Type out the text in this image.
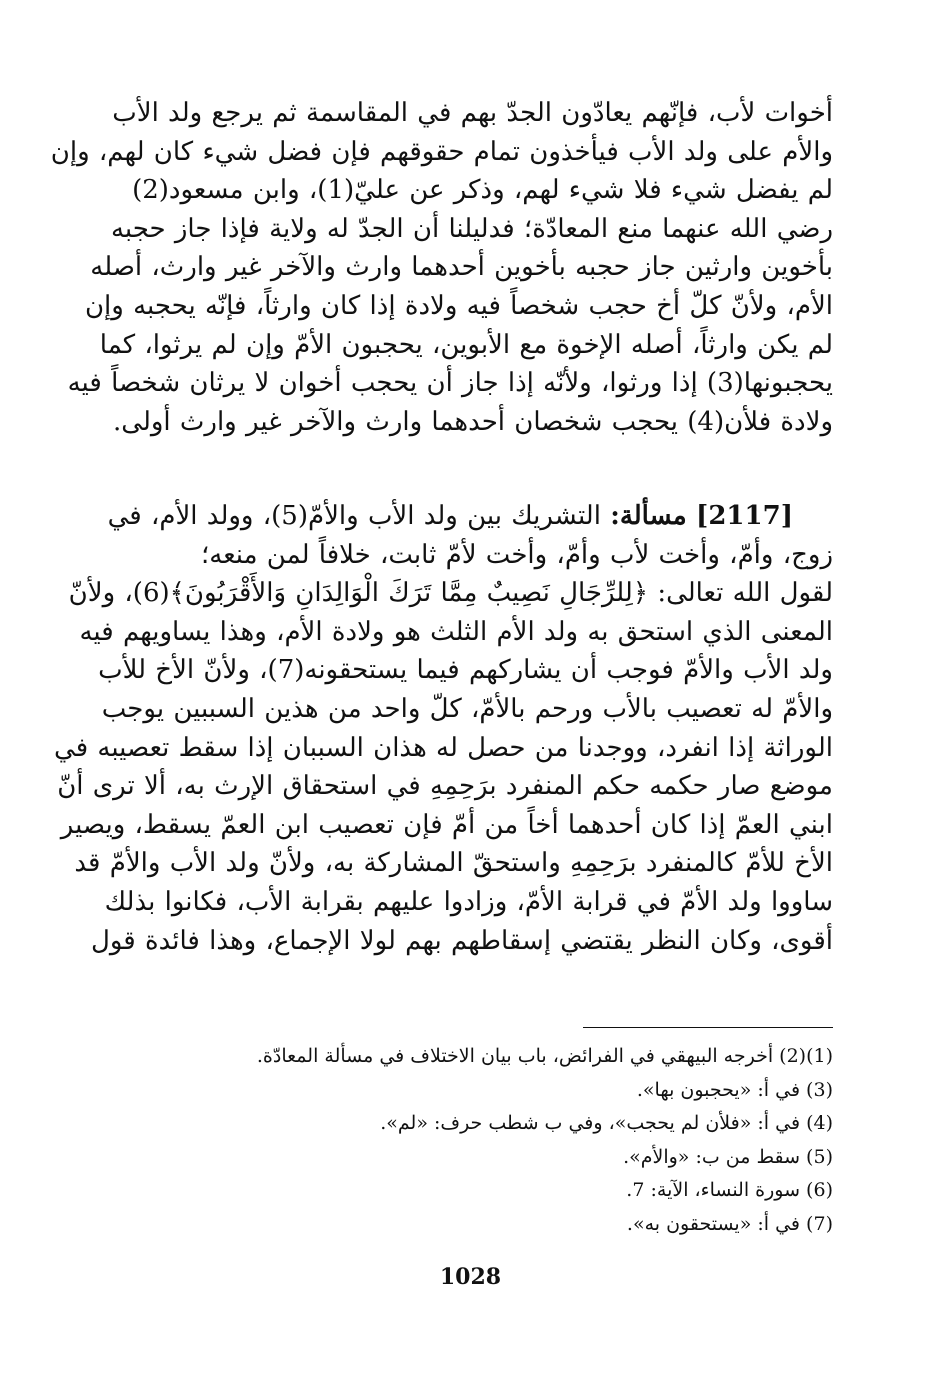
أخوات لأب، فإنّهم يعادّون الجدّ بهم في المقاسمة ثم يرجع ولد الأب
والأم على ولد الأب فيأخذون تمام حقوقهم فإن فضل شيء كان لهم، وإن
لم يفضل شيء فلا شيء لهم، وذكر عن عليّ(1)، وابن مسعود(2)
رضي الله عنهما منع المعادّة؛ فدليلنا أن الجدّ له ولاية فإذا جاز حجبه
بأخوين وارثين جاز حجبه بأخوين أحدهما وارث والآخر غير وارث، أصله
الأم، ولأنّ كلّ أخ حجب شخصاً فيه ولادة إذا كان وارثاً، فإنّه يحجبه وإن
لم يكن وارثاً، أصله الإخوة مع الأبوين، يحجبون الأمّ وإن لم يرثوا، كما
يحجبونها(3) إذا ورثوا، ولأنّه إذا جاز أن يحجب أخوان لا يرثان شخصاً فيه
ولادة فلأن(4) يحجب شخصان أحدهما وارث والآخر غير وارث أولى.

[2117] مسألة: التشريك بين ولد الأب والأمّ(5)، وولد الأم، في
زوج، وأمّ، وأخت لأب وأمّ، وأخت لأمّ ثابت، خلافاً لمن منعه؛
لقول الله تعالى: ﴿لِلرِّجَالِ نَصِيبٌ مِمَّا تَرَكَ الْوَالِدَانِ وَالأَقْرَبُونَ﴾(6)، ولأنّ
المعنى الذي استحق به ولد الأم الثلث هو ولادة الأم، وهذا يساويهم فيه
ولد الأب والأمّ فوجب أن يشاركهم فيما يستحقونه(7)، ولأنّ الأخ للأب
والأمّ له تعصيب بالأب ورحم بالأمّ، كلّ واحد من هذين السببين يوجب
الوراثة إذا انفرد، ووجدنا من حصل له هذان السببان إذا سقط تعصيبه في
موضع صار حكمه حكم المنفرد برَحِمِهِ في استحقاق الإرث به، ألا ترى أنّ
ابني العمّ إذا كان أحدهما أخاً من أمّ فإن تعصيب ابن العمّ يسقط، ويصير
الأخ للأمّ كالمنفرد برَحِمِهِ واستحقّ المشاركة به، ولأنّ ولد الأب والأمّ قد
ساووا ولد الأمّ في قرابة الأمّ، وزادوا عليهم بقرابة الأب، فكانوا بذلك
أقوى، وكان النظر يقتضي إسقاطهم بهم لولا الإجماع، وهذا فائدة قول

(1)(2) أخرجه البيهقي في الفرائض، باب بيان الاختلاف في مسألة المعادّة.
(3) في أ: «يحجبون بها».
(4) في أ: «فلأن لم يحجب»، وفي ب شطب حرف: «لم».
(5) سقط من ب: «والأم».
(6) سورة النساء، الآية: 7.
(7) في أ: «يستحقون به».
1028
